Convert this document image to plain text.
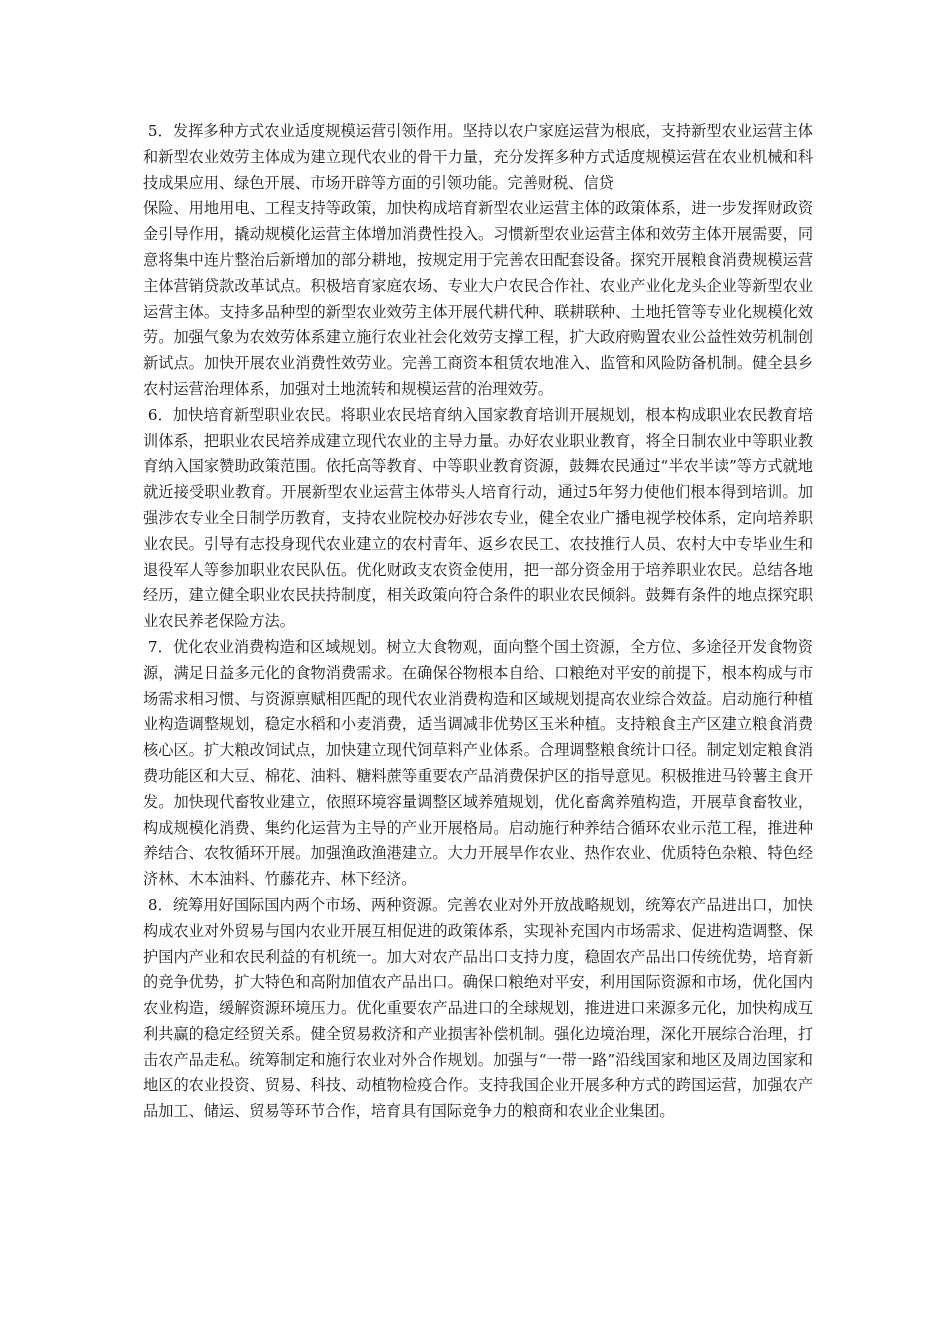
5．发挥多种方式农业适度规模运营引领作用。坚持以农户家庭运营为根底，支持新型农业运营主体和新型农业效劳主体成为建立现代农业的骨干力量，充分发挥多种方式适度规模运营在农业机械和科技成果应用、绿色开展、市场开辟等方面的引领功能。完善财税、信贷
保险、用地用电、工程支持等政策，加快构成培育新型农业运营主体的政策体系，进一步发挥财政资金引导作用，撬动规模化运营主体增加消费性投入。习惯新型农业运营主体和效劳主体开展需要，同意将集中连片整治后新增加的部分耕地，按规定用于完善农田配套设备。探究开展粮食消费规模运营主体营销贷款改革试点。积极培育家庭农场、专业大户农民合作社、农业产业化龙头企业等新型农业运营主体。支持多品种型的新型农业效劳主体开展代耕代种、联耕联种、土地托管等专业化规模化效劳。加强气象为农效劳体系建立施行农业社会化效劳支撑工程，扩大政府购置农业公益性效劳机制创新试点。加快开展农业消费性效劳业。完善工商资本租赁农地准入、监管和风险防备机制。健全县乡农村运营治理体系，加强对土地流转和规模运营的治理效劳。

6．加快培育新型职业农民。将职业农民培育纳入国家教育培训开展规划，根本构成职业农民教育培训体系，把职业农民培养成建立现代农业的主导力量。办好农业职业教育，将全日制农业中等职业教育纳入国家赞助政策范围。依托高等教育、中等职业教育资源，鼓舞农民通过“半农半读”等方式就地就近接受职业教育。开展新型农业运营主体带头人培育行动，通过5年努力使他们根本得到培训。加强涉农专业全日制学历教育，支持农业院校办好涉农专业，健全农业广播电视学校体系，定向培养职业农民。引导有志投身现代农业建立的农村青年、返乡农民工、农技推行人员、农村大中专毕业生和退役军人等参加职业农民队伍。优化财政支农资金使用，把一部分资金用于培养职业农民。总结各地经历，建立健全职业农民扶持制度，相关政策向符合条件的职业农民倾斜。鼓舞有条件的地点探究职业农民养老保险方法。

7．优化农业消费构造和区域规划。树立大食物观，面向整个国土资源，全方位、多途径开发食物资源，满足日益多元化的食物消费需求。在确保谷物根本自给、口粮绝对平安的前提下，根本构成与市场需求相习惯、与资源禀赋相匹配的现代农业消费构造和区域规划提高农业综合效益。启动施行种植业构造调整规划，稳定水稻和小麦消费，适当调减非优势区玉米种植。支持粮食主产区建立粮食消费核心区。扩大粮改饲试点，加快建立现代饲草料产业体系。合理调整粮食统计口径。制定划定粮食消费功能区和大豆、棉花、油料、糖料蔗等重要农产品消费保护区的指导意见。积极推进马铃薯主食开发。加快现代畜牧业建立，依照环境容量调整区域养殖规划，优化畜禽养殖构造，开展草食畜牧业，构成规模化消费、集约化运营为主导的产业开展格局。启动施行种养结合循环农业示范工程，推进种养结合、农牧循环开展。加强渔政渔港建立。大力开展旱作农业、热作农业、优质特色杂粮、特色经济林、木本油料、竹藤花卉、林下经济。

8．统筹用好国际国内两个市场、两种资源。完善农业对外开放战略规划，统筹农产品进出口，加快构成农业对外贸易与国内农业开展互相促进的政策体系，实现补充国内市场需求、促进构造调整、保护国内产业和农民利益的有机统一。加大对农产品出口支持力度，稳固农产品出口传统优势，培育新的竞争优势，扩大特色和高附加值农产品出口。确保口粮绝对平安，利用国际资源和市场，优化国内农业构造，缓解资源环境压力。优化重要农产品进口的全球规划，推进进口来源多元化，加快构成互利共赢的稳定经贸关系。健全贸易救济和产业损害补偿机制。强化边境治理，深化开展综合治理，打击农产品走私。统筹制定和施行农业对外合作规划。加强与“一带一路”沿线国家和地区及周边国家和地区的农业投资、贸易、科技、动植物检疫合作。支持我国企业开展多种方式的跨国运营，加强农产品加工、储运、贸易等环节合作，培育具有国际竞争力的粮商和农业企业集团。
